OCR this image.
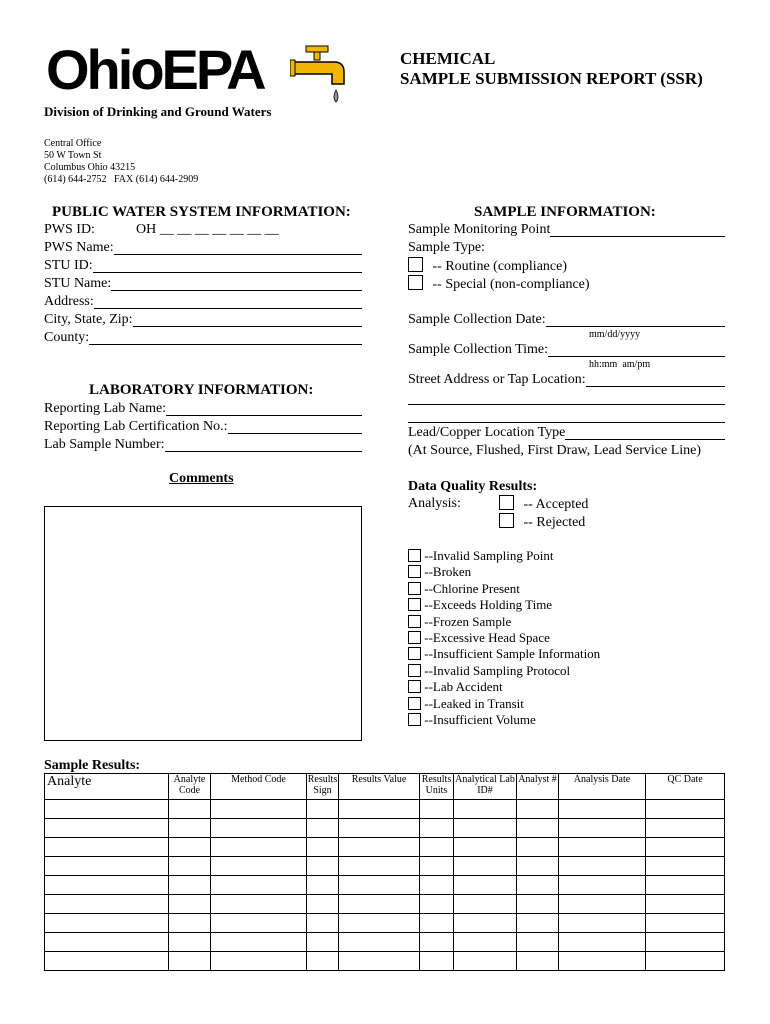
OhioEPA	CHEMICAL
SAMPLE SUBMISSION REPORT (SSR)
Division of Drinking and Ground Waters
Central Office
50 W Town St
Columbus Ohio 43215
(614) 644-2752   FAX (614) 644-2909
PUBLIC WATER SYSTEM INFORMATION:
PWS ID:	OH __ __ __ __ __ __ __
PWS Name:
STU ID:
STU Name:
Address:
City, State, Zip:
County:
LABORATORY INFORMATION:
Reporting Lab Name:
Reporting Lab Certification No.:
Lab Sample Number:
Comments
SAMPLE INFORMATION:
Sample Monitoring Point
Sample Type:
-- Routine (compliance)
-- Special (non-compliance)
Sample Collection Date:
mm/dd/yyyy
Sample Collection Time:
hh:mm  am/pm
Street Address or Tap Location:
Lead/Copper Location Type
(At Source, Flushed, First Draw, Lead Service Line)
Data Quality Results:
Analysis:	-- Accepted
-- Rejected
--Invalid Sampling Point
--Broken
--Chlorine Present
--Exceeds Holding Time
--Frozen Sample
--Excessive Head Space
--Insufficient Sample Information
--Invalid Sampling Protocol
--Lab Accident
--Leaked in Transit
--Insufficient Volume
Sample Results:
Analyte	Analyte Code	Method Code	Results Sign	Results Value	Results Units	Analytical Lab ID#	Analyst #	Analysis Date	QC Date
